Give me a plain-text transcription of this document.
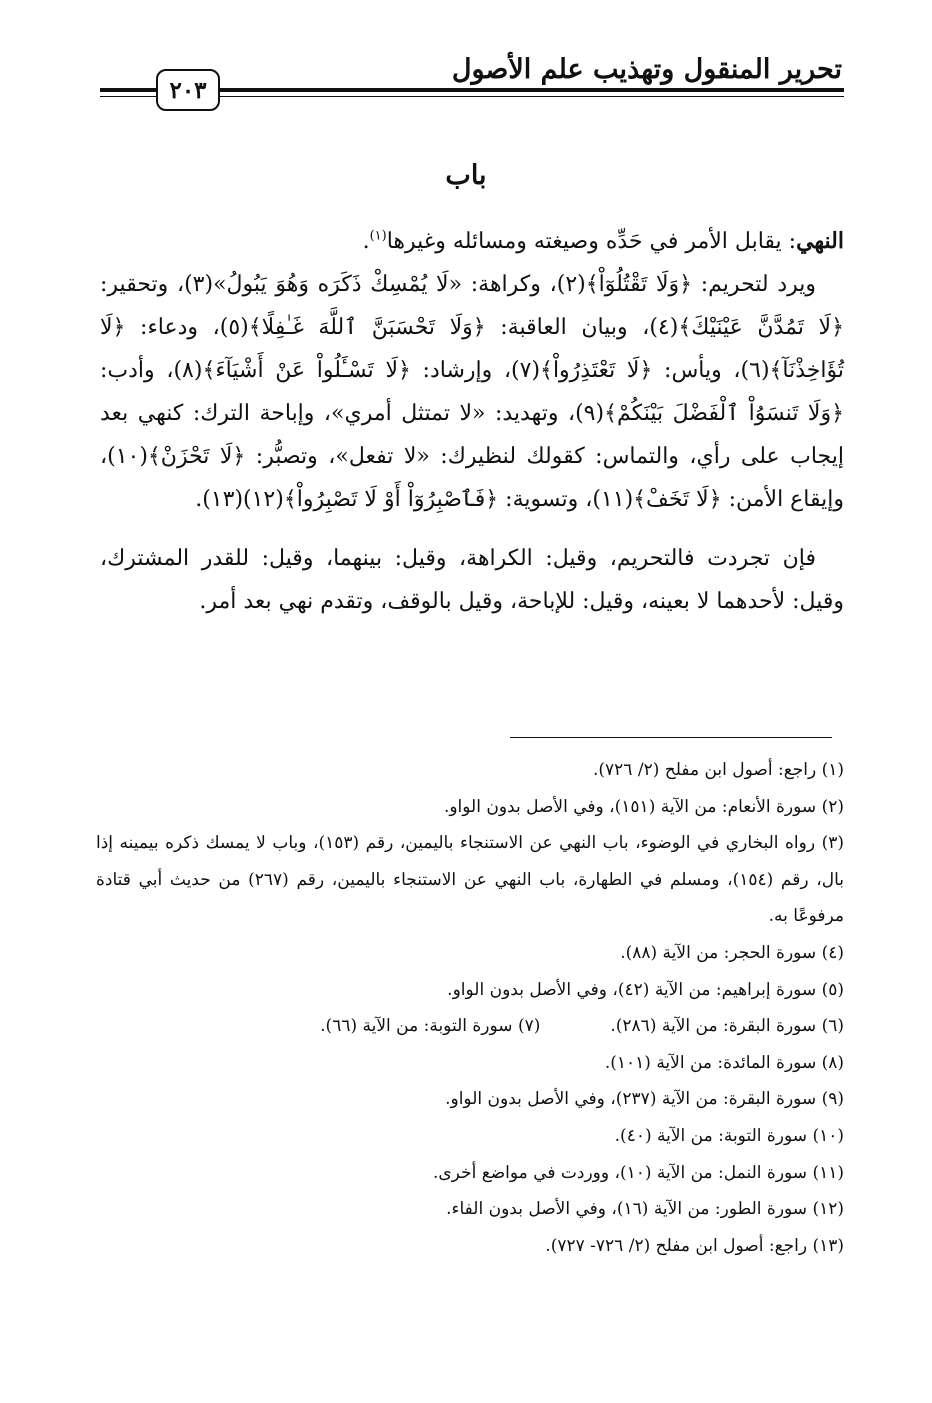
تحرير المنقول وتهذيب علم الأصول
٢٠٣
باب

النهي: يقابل الأمر في حَدِّه وصيغته ومسائله وغيرها$^{(١)}$.

ويرد لتحريم: ﴿وَلَا تَقْتُلُوٓاْ﴾(٢)، وكراهة: «لَا يُمْسِكْ ذَكَرَه وَهُوَ يَبُولُ»(٣)، وتحقير: ﴿لَا تَمُدَّنَّ عَيْنَيْكَ﴾(٤)، وبيان العاقبة: ﴿وَلَا تَحْسَبَنَّ ٱللَّهَ غَـٰفِلًا﴾(٥)، ودعاء: ﴿لَا تُؤَاخِذْنَآ﴾(٦)، ويأس: ﴿لَا تَعْتَذِرُواْ﴾(٧)، وإرشاد: ﴿لَا تَسْـَٔلُواْ عَنْ أَشْيَآءَ﴾(٨)، وأدب: ﴿وَلَا تَنسَوُاْ ٱلْفَضْلَ بَيْنَكُمْ﴾(٩)، وتهديد: «لا تمتثل أمري»، وإباحة الترك: كنهي بعد إيجاب على رأي، والتماس: كقولك لنظيرك: «لا تفعل»، وتصبُّر: ﴿لَا تَحْزَنْ﴾(١٠)، وإيقاع الأمن: ﴿لَا تَخَفْ﴾(١١)، وتسوية: ﴿فَٱصْبِرُوٓاْ أَوْ لَا تَصْبِرُواْ﴾(١٢)(١٣).

فإن تجردت فالتحريم، وقيل: الكراهة، وقيل: بينهما، وقيل: للقدر المشترك، وقيل: لأحدهما لا بعينه، وقيل: للإباحة، وقيل بالوقف، وتقدم نهي بعد أمر.

(١) راجع: أصول ابن مفلح (٢/ ٧٢٦).
(٢) سورة الأنعام: من الآية (١٥١)، وفي الأصل بدون الواو.
(٣) رواه البخاري في الوضوء، باب النهي عن الاستنجاء باليمين، رقم (١٥٣)، وباب لا يمسك ذكره بيمينه إذا بال، رقم (١٥٤)، ومسلم في الطهارة، باب النهي عن الاستنجاء باليمين، رقم (٢٦٧) من حديث أبي قتادة مرفوعًا به.
(٤) سورة الحجر: من الآية (٨٨).
(٥) سورة إبراهيم: من الآية (٤٢)، وفي الأصل بدون الواو.
(٦) سورة البقرة: من الآية (٢٨٦).
(٧) سورة التوبة: من الآية (٦٦).
(٨) سورة المائدة: من الآية (١٠١).
(٩) سورة البقرة: من الآية (٢٣٧)، وفي الأصل بدون الواو.
(١٠) سورة التوبة: من الآية (٤٠).
(١١) سورة النمل: من الآية (١٠)، ووردت في مواضع أخرى.
(١٢) سورة الطور: من الآية (١٦)، وفي الأصل بدون الفاء.
(١٣) راجع: أصول ابن مفلح (٢/ ٧٢٦- ٧٢٧).
